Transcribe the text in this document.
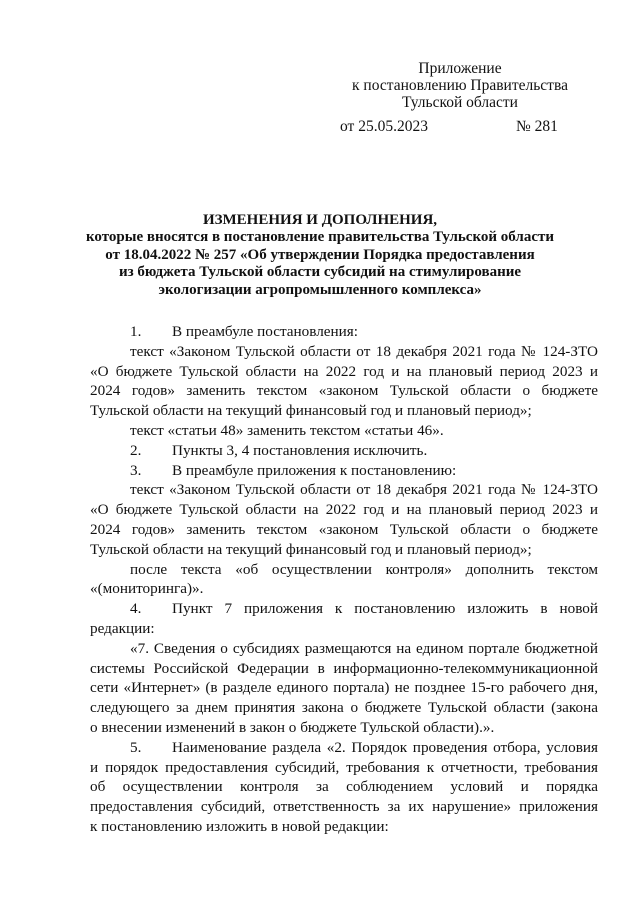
Приложение
к постановлению Правительства
Тульской области
от 25.05.2023	№ 281
ИЗМЕНЕНИЯ И ДОПОЛНЕНИЯ,
которые вносятся в постановление правительства Тульской области
от 18.04.2022 № 257 «Об утверждении Порядка предоставления
из бюджета Тульской области субсидий на стимулирование
экологизации агропромышленного комплекса»
1.	В преамбуле постановления:
текст «Законом Тульской области от 18 декабря 2021 года № 124-ЗТО
«О бюджете Тульской области на 2022 год и на плановый период 2023 и
2024 годов» заменить текстом «законом Тульской области о бюджете
Тульской области на текущий финансовый год и плановый период»;
текст «статьи 48» заменить текстом «статьи 46».
2.	Пункты 3, 4 постановления исключить.
3.	В преамбуле приложения к постановлению:
текст «Законом Тульской области от 18 декабря 2021 года № 124-ЗТО
«О бюджете Тульской области на 2022 год и на плановый период 2023 и
2024 годов» заменить текстом «законом Тульской области о бюджете
Тульской области на текущий финансовый год и плановый период»;
после текста «об осуществлении контроля» дополнить текстом
«(мониторинга)».
4.	Пункт 7 приложения к постановлению изложить в новой
редакции:
«7. Сведения о субсидиях размещаются на едином портале бюджетной
системы Российской Федерации в информационно-телекоммуникационной
сети «Интернет» (в разделе единого портала) не позднее 15-го рабочего дня,
следующего за днем принятия закона о бюджете Тульской области (закона
о внесении изменений в закон о бюджете Тульской области).».
5.	Наименование раздела «2. Порядок проведения отбора, условия
и порядок предоставления субсидий, требования к отчетности, требования
об осуществлении контроля за соблюдением условий и порядка
предоставления субсидий, ответственность за их нарушение» приложения
к постановлению изложить в новой редакции:
